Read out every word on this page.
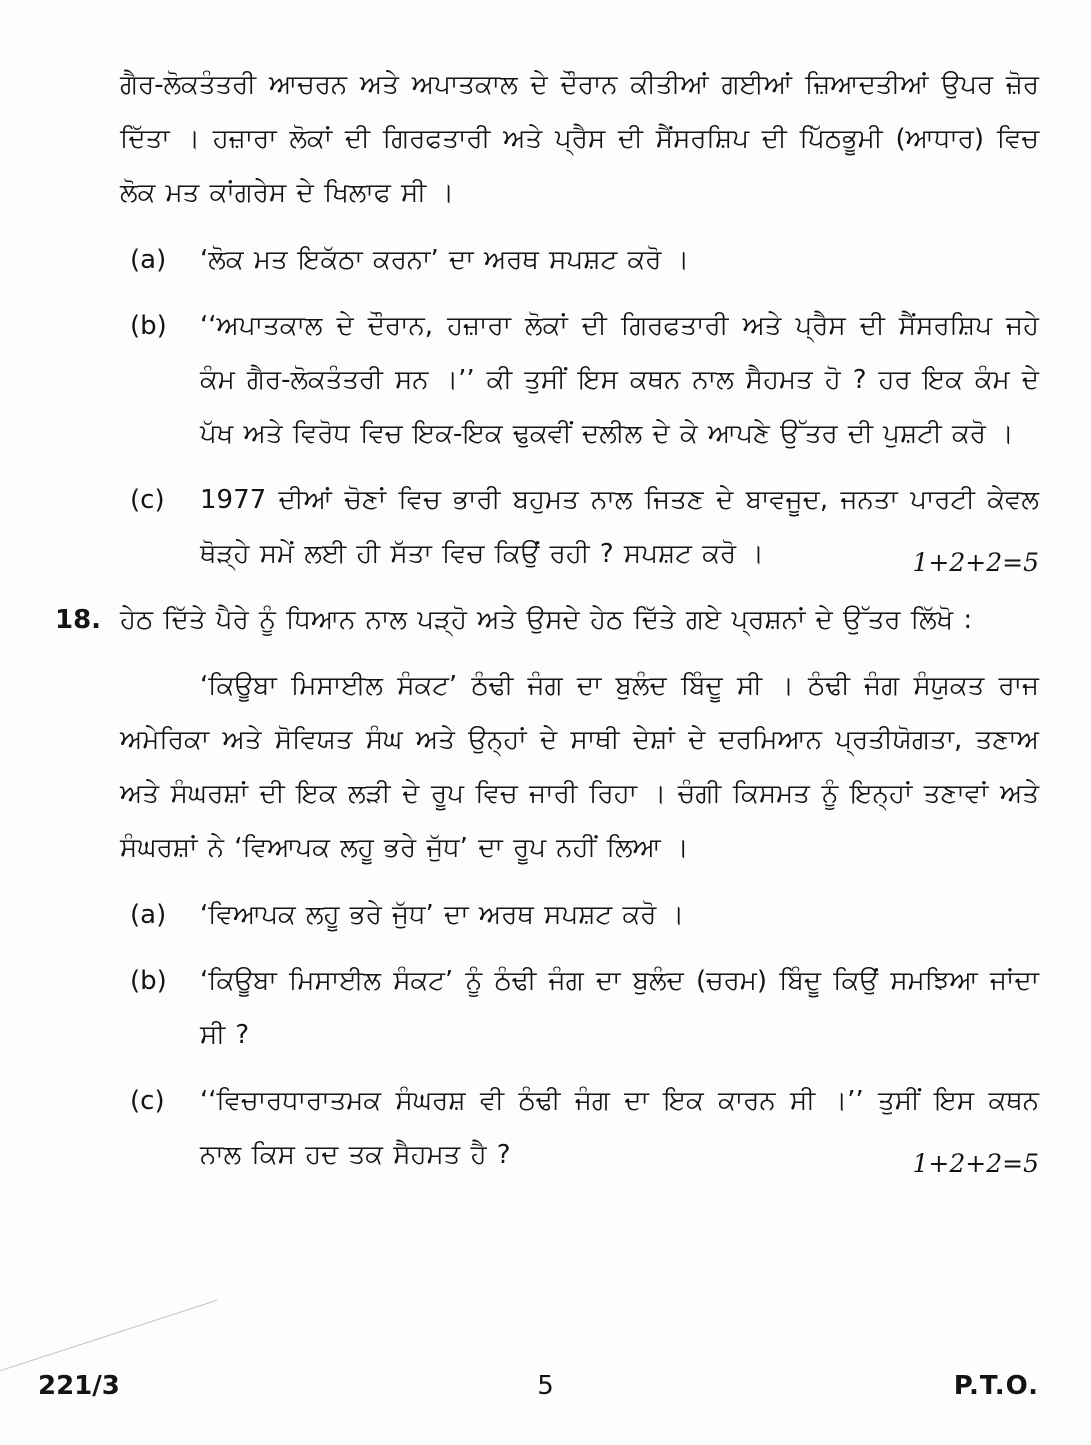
ਗੈਰ-ਲੋਕਤੰਤਰੀ ਆਚਰਨ ਅਤੇ ਅਪਾਤਕਾਲ ਦੇ ਦੌਰਾਨ ਕੀਤੀਆਂ ਗਈਆਂ ਜ਼ਿਆਦਤੀਆਂ ਉਪਰ ਜ਼ੋਰ ਦਿੱਤਾ । ਹਜ਼ਾਰਾ ਲੋਕਾਂ ਦੀ ਗਿਰਫਤਾਰੀ ਅਤੇ ਪ੍ਰੈਸ ਦੀ ਸੈਂਸਰਸ਼ਿਪ ਦੀ ਪਿੱਠਭੂਮੀ (ਆਧਾਰ) ਵਿਚ ਲੋਕ ਮਤ ਕਾਂਗਰੇਸ ਦੇ ਖਿਲਾਫ ਸੀ ।

(a)	‘ਲੋਕ ਮਤ ਇਕੱਠਾ ਕਰਨਾ’ ਦਾ ਅਰਥ ਸਪਸ਼ਟ ਕਰੋ ।

(b)	‘‘ਅਪਾਤਕਾਲ ਦੇ ਦੌਰਾਨ, ਹਜ਼ਾਰਾ ਲੋਕਾਂ ਦੀ ਗਿਰਫਤਾਰੀ ਅਤੇ ਪ੍ਰੈਸ ਦੀ ਸੈਂਸਰਸ਼ਿਪ ਜਹੇ ਕੰਮ ਗੈਰ-ਲੋਕਤੰਤਰੀ ਸਨ ।’’ ਕੀ ਤੁਸੀਂ ਇਸ ਕਥਨ ਨਾਲ ਸੈਹਮਤ ਹੋ ? ਹਰ ਇਕ ਕੰਮ ਦੇ ਪੱਖ ਅਤੇ ਵਿਰੋਧ ਵਿਚ ਇਕ-ਇਕ ਢੁਕਵੀਂ ਦਲੀਲ ਦੇ ਕੇ ਆਪਣੇ ਉੱਤਰ ਦੀ ਪੁਸ਼ਟੀ ਕਰੋ ।

(c)	1977 ਦੀਆਂ ਚੋਣਾਂ ਵਿਚ ਭਾਰੀ ਬਹੁਮਤ ਨਾਲ ਜਿਤਣ ਦੇ ਬਾਵਜੂਦ, ਜਨਤਾ ਪਾਰਟੀ ਕੇਵਲ ਥੋੜ੍ਹੇ ਸਮੇਂ ਲਈ ਹੀ ਸੱਤਾ ਵਿਚ ਕਿਉਂ ਰਹੀ ? ਸਪਸ਼ਟ ਕਰੋ ।	1+2+2=5
18. ਹੇਠ ਦਿੱਤੇ ਪੈਰੇ ਨੂੰ ਧਿਆਨ ਨਾਲ ਪੜ੍ਹੋ ਅਤੇ ਉਸਦੇ ਹੇਠ ਦਿੱਤੇ ਗਏ ਪ੍ਰਸ਼ਨਾਂ ਦੇ ਉੱਤਰ ਲਿੱਖੋ :

‘ਕਿਊਬਾ ਮਿਸਾਈਲ ਸੰਕਟ’ ਠੰਢੀ ਜੰਗ ਦਾ ਬੁਲੰਦ ਬਿੰਦੂ ਸੀ । ਠੰਢੀ ਜੰਗ ਸੰਯੁਕਤ ਰਾਜ ਅਮੇਰਿਕਾ ਅਤੇ ਸੋਵਿਯਤ ਸੰਘ ਅਤੇ ਉਨ੍ਹਾਂ ਦੇ ਸਾਥੀ ਦੇਸ਼ਾਂ ਦੇ ਦਰਮਿਆਨ ਪ੍ਰਤੀਯੋਗਤਾ, ਤਣਾਅ ਅਤੇ ਸੰਘਰਸ਼ਾਂ ਦੀ ਇਕ ਲੜੀ ਦੇ ਰੂਪ ਵਿਚ ਜਾਰੀ ਰਿਹਾ । ਚੰਗੀ ਕਿਸਮਤ ਨੂੰ ਇਨ੍ਹਾਂ ਤਣਾਵਾਂ ਅਤੇ ਸੰਘਰਸ਼ਾਂ ਨੇ ‘ਵਿਆਪਕ ਲਹੂ ਭਰੇ ਜੁੱਧ’ ਦਾ ਰੂਪ ਨਹੀਂ ਲਿਆ ।

(a)	‘ਵਿਆਪਕ ਲਹੂ ਭਰੇ ਜੁੱਧ’ ਦਾ ਅਰਥ ਸਪਸ਼ਟ ਕਰੋ ।

(b)	‘ਕਿਊਬਾ ਮਿਸਾਈਲ ਸੰਕਟ’ ਨੂੰ ਠੰਢੀ ਜੰਗ ਦਾ ਬੁਲੰਦ (ਚਰਮ) ਬਿੰਦੂ ਕਿਉਂ ਸਮਝਿਆ ਜਾਂਦਾ ਸੀ ?

(c)	‘‘ਵਿਚਾਰਧਾਰਾਤਮਕ ਸੰਘਰਸ਼ ਵੀ ਠੰਢੀ ਜੰਗ ਦਾ ਇਕ ਕਾਰਨ ਸੀ ।’’ ਤੁਸੀਂ ਇਸ ਕਥਨ ਨਾਲ ਕਿਸ ਹਦ ਤਕ ਸੈਹਮਤ ਹੈ ?	1+2+2=5
221/3	5	P.T.O.
